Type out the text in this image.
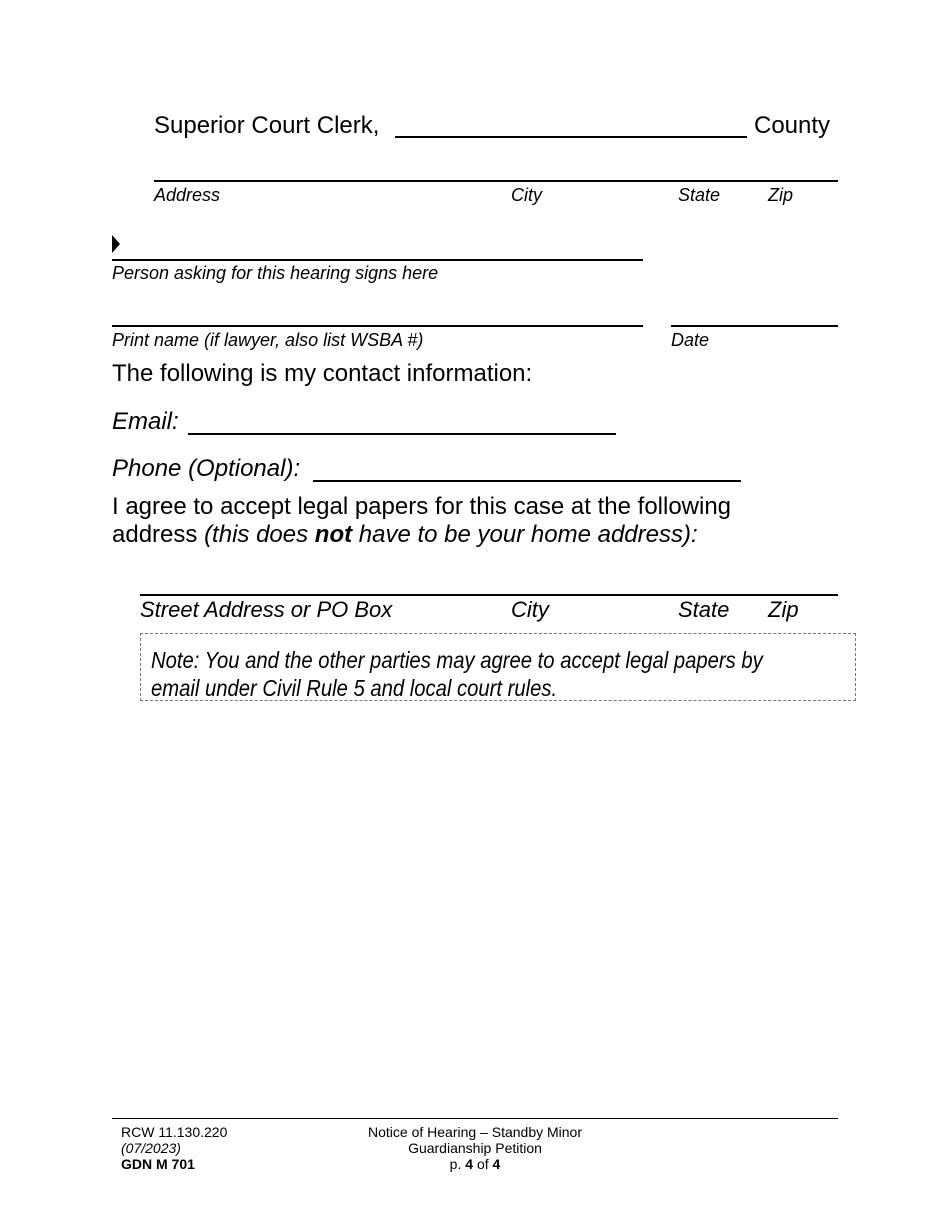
Superior Court Clerk,	County
Address	City	State	Zip
Person asking for this hearing signs here
Print name (if lawyer, also list WSBA #)	Date
The following is my contact information:
Email:
Phone (Optional):
I agree to accept legal papers for this case at the following
address (this does not have to be your home address):
Street Address or PO Box	City	State Zip
Note: You and the other parties may agree to accept legal papers by email under Civil Rule 5 and local court rules.
RCW 11.130.220
(07/2023)
GDN M 701
Notice of Hearing – Standby Minor
Guardianship Petition
p. 4 of 4
